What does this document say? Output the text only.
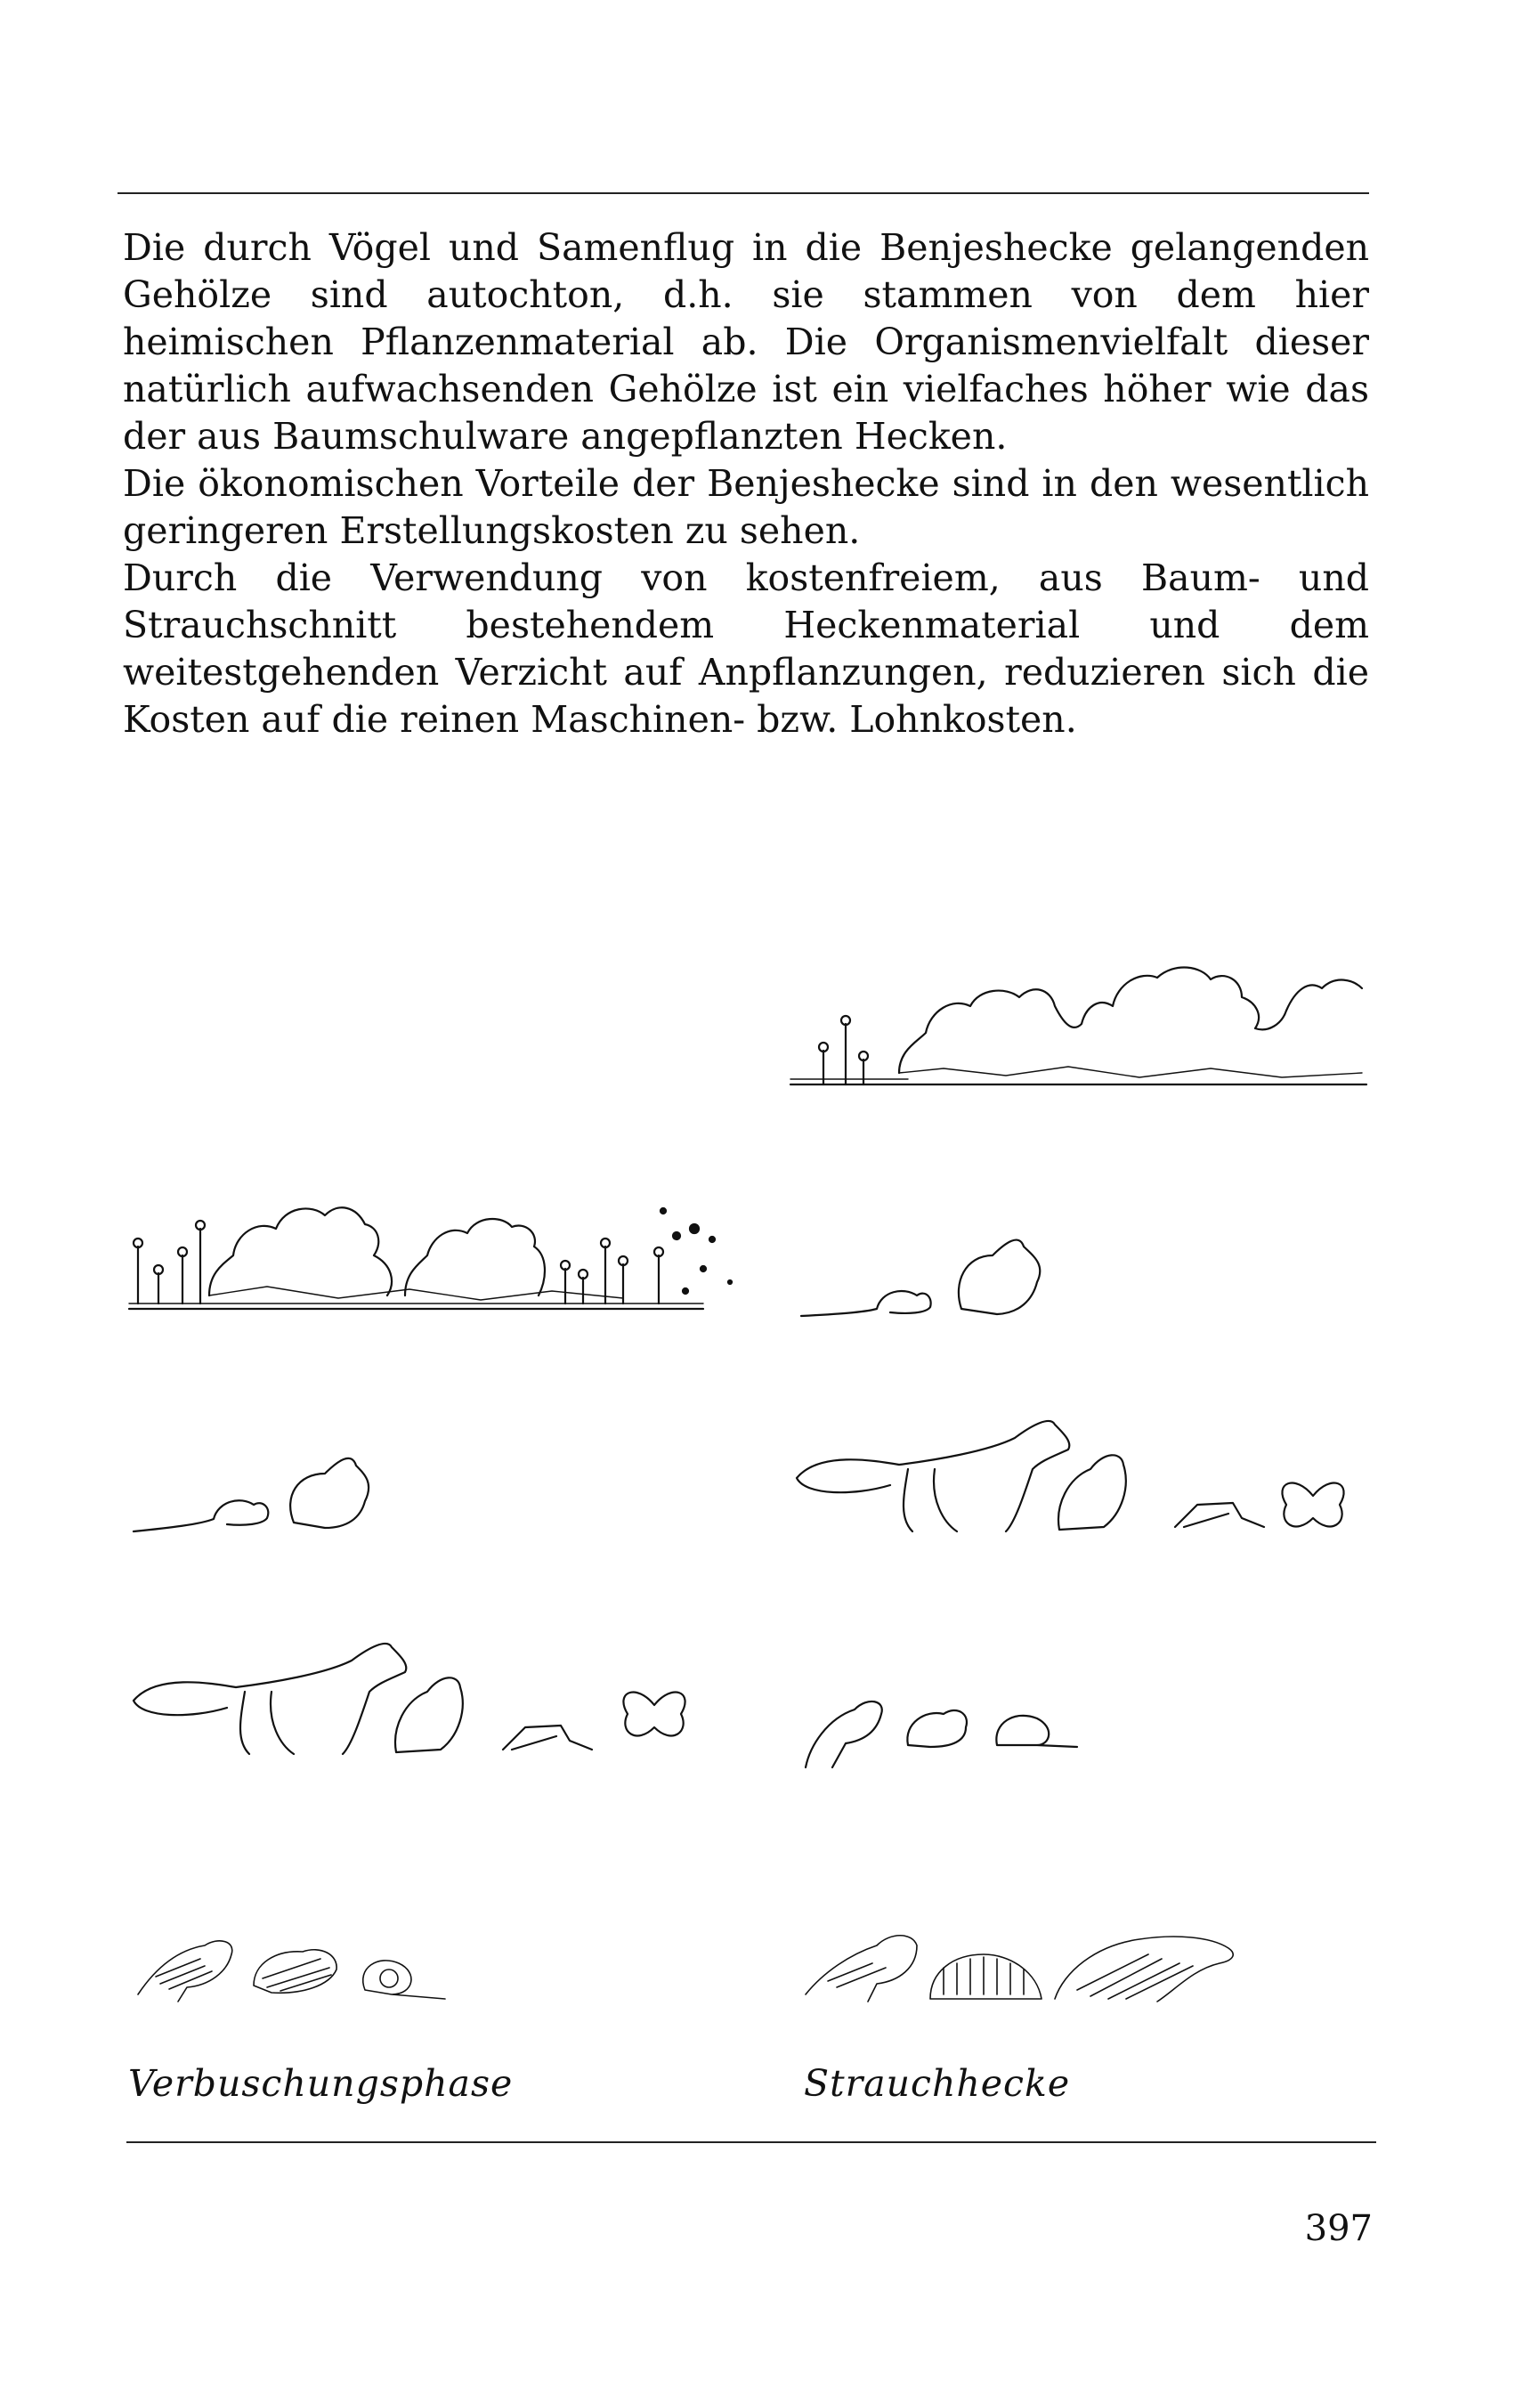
Die durch Vögel und Samenflug in die Benjeshecke gelangenden Gehölze sind autochton, d.h. sie stammen von dem hier heimischen Pflanzenmaterial ab. Die Organismenvielfalt dieser natürlich aufwachsenden Gehölze ist ein vielfaches höher wie das der aus Baumschulware angepflanzten Hecken.

Die ökonomischen Vorteile der Benjeshecke sind in den wesentlich geringeren Erstellungskosten zu sehen.

Durch die Verwendung von kostenfreiem, aus Baum- und Strauchschnitt bestehendem Heckenmaterial und dem weitestgehenden Verzicht auf Anpflanzungen, reduzieren sich die Kosten auf die reinen Maschinen- bzw. Lohnkosten.

Verbuschungsphase	Strauchhecke
397
